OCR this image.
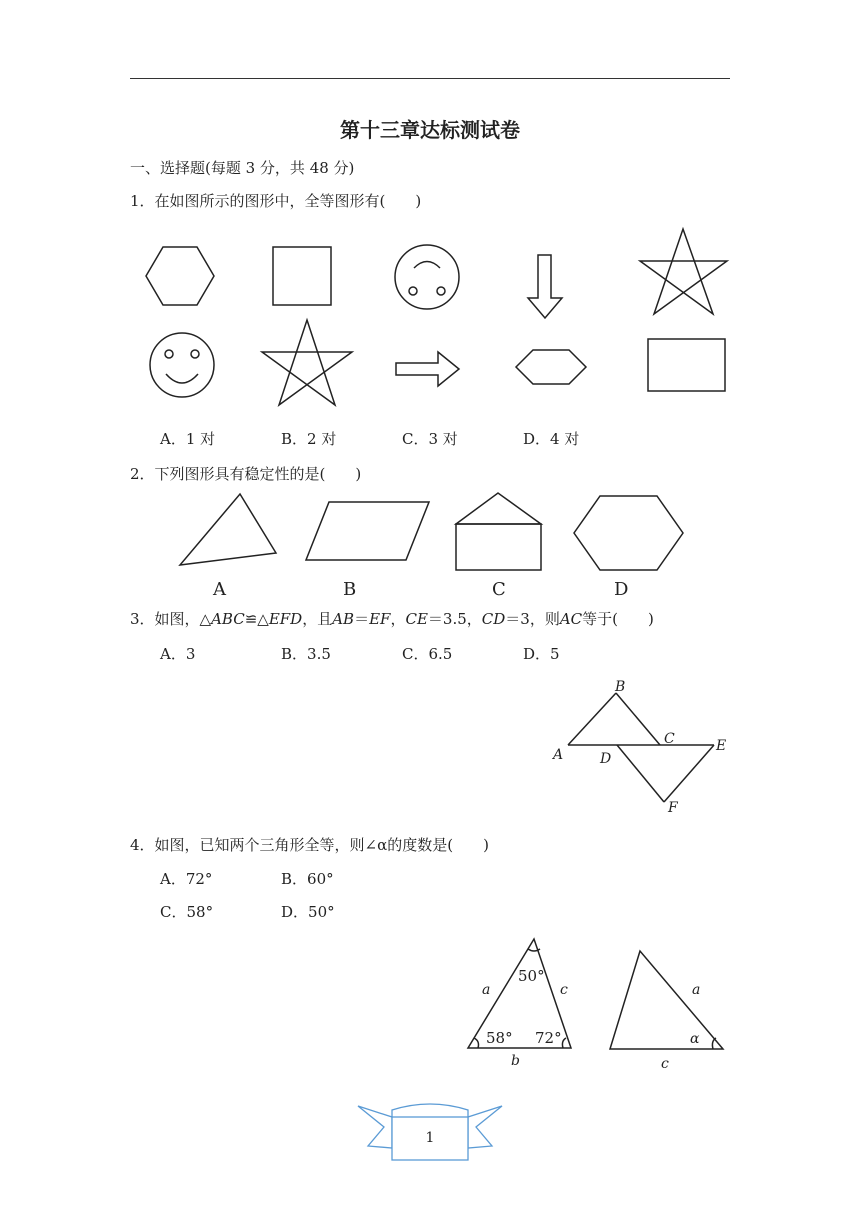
第十三章达标测试卷
一、选择题(每题 3 分，共 48 分)
1．在如图所示的图形中，全等图形有(　　)
A	B	C	D
A
B
C
D
E
F
a	c
b
50°
58° 72°
a
c
α
A．1 对	B．2 对	C．3 对	D．4 对
2．下列图形具有稳定性的是(　　)
3．如图，△ABC≌△EFD，且AB＝EF，CE＝3.5，CD＝3，则AC等于(　　)
A．3	B．3.5	C．6.5	D．5
4．如图，已知两个三角形全等，则∠α的度数是(　　)
A．72°	B．60°
C．58°	D．50°
1
